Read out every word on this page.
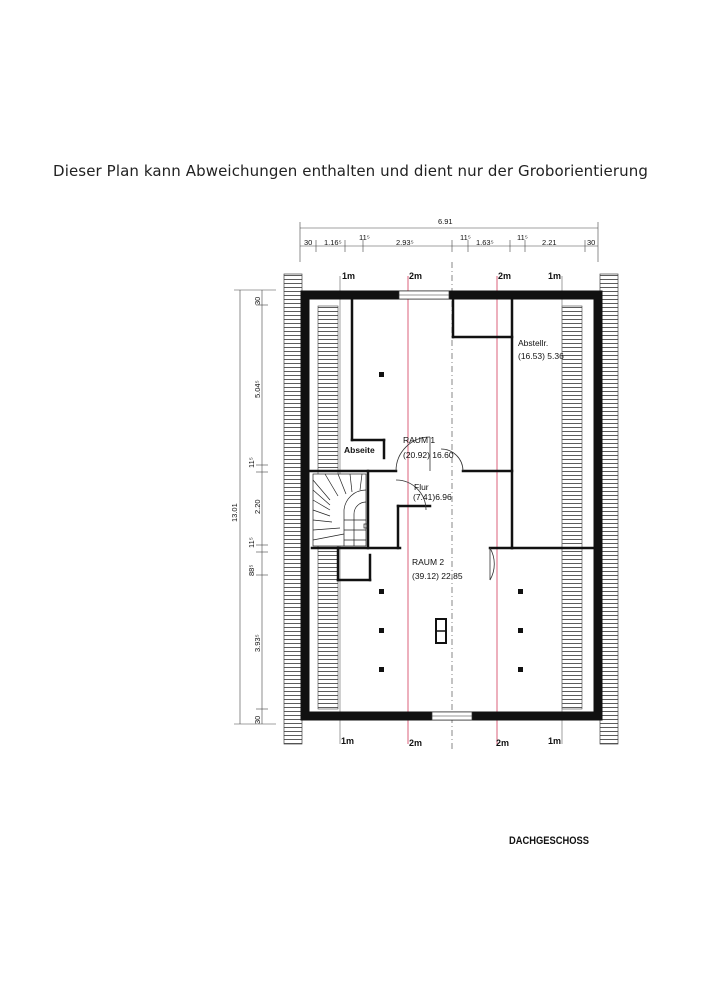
Dieser Plan kann Abweichungen enthalten und dient nur der Groborientierung
6.91
30 1.16⁵
11⁵
2.93⁵
11⁵
1.63⁵
11⁵
2.21	30
13.01
30
5.04⁵
11⁵
2.20
11⁵
88⁵
3.93⁵
30
1m	2m	2m	1m
1m	2m	2m	1m
Abseite
RAUM 1
(20.92) 16.60
Abstellr.
(16.53) 5.36
Flur
(7.41)6.96
RAUM 2
(39.12) 22.85
DACHGESCHOSS
